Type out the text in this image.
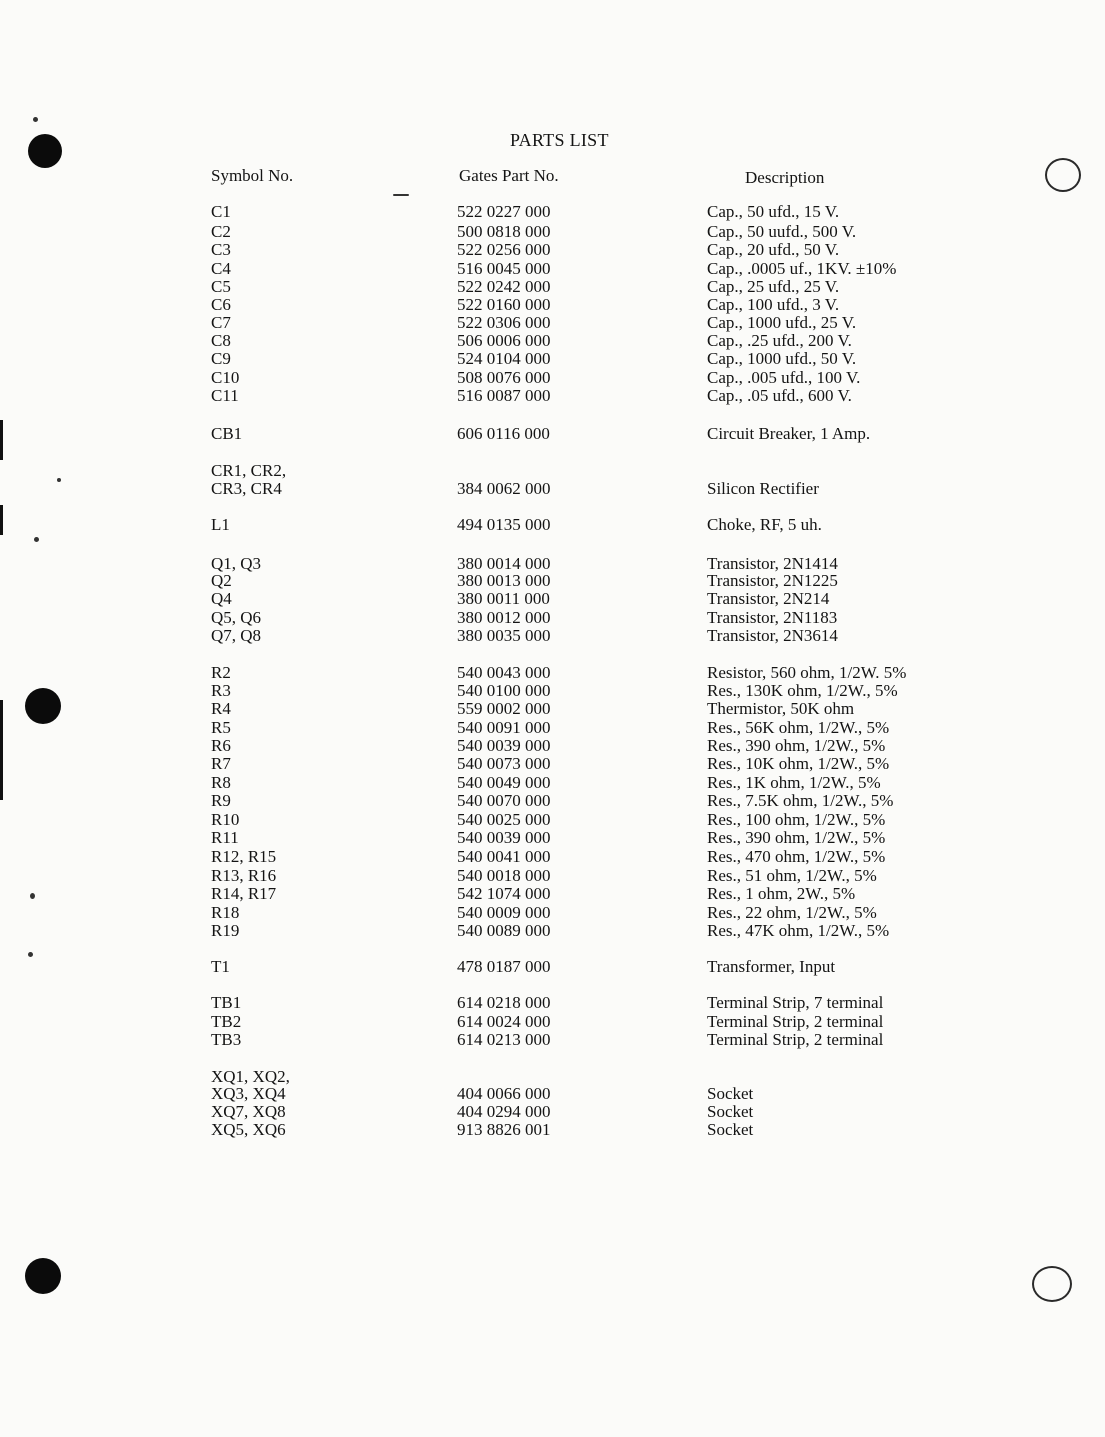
PARTS LIST
Symbol No.	Gates Part No.	Description
C1	522 0227 000	Cap., 50 ufd., 15 V.
C2	500 0818 000	Cap., 50 uufd., 500 V.
C3	522 0256 000	Cap., 20 ufd., 50 V.
C4	516 0045 000	Cap., .0005 uf., 1KV. ±10%
C5	522 0242 000	Cap., 25 ufd., 25 V.
C6	522 0160 000	Cap., 100 ufd., 3 V.
C7	522 0306 000	Cap., 1000 ufd., 25 V.
C8	506 0006 000	Cap., .25 ufd., 200 V.
C9	524 0104 000	Cap., 1000 ufd., 50 V.
C10	508 0076 000	Cap., .005 ufd., 100 V.
C11	516 0087 000	Cap., .05 ufd., 600 V.
CB1	606 0116 000	Circuit Breaker, 1 Amp.
CR1, CR2,
CR3, CR4	384 0062 000	Silicon Rectifier
L1	494 0135 000	Choke, RF, 5 uh.
Q1, Q3	380 0014 000	Transistor, 2N1414
Q2	380 0013 000	Transistor, 2N1225
Q4	380 0011 000	Transistor, 2N214
Q5, Q6	380 0012 000	Transistor, 2N1183
Q7, Q8	380 0035 000	Transistor, 2N3614
R2	540 0043 000	Resistor, 560 ohm, 1/2W. 5%
R3	540 0100 000	Res., 130K ohm, 1/2W., 5%
R4	559 0002 000	Thermistor, 50K ohm
R5	540 0091 000	Res., 56K ohm, 1/2W., 5%
R6	540 0039 000	Res., 390 ohm, 1/2W., 5%
R7	540 0073 000	Res., 10K ohm, 1/2W., 5%
R8	540 0049 000	Res., 1K ohm, 1/2W., 5%
R9	540 0070 000	Res., 7.5K ohm, 1/2W., 5%
R10	540 0025 000	Res., 100 ohm, 1/2W., 5%
R11	540 0039 000	Res., 390 ohm, 1/2W., 5%
R12, R15	540 0041 000	Res., 470 ohm, 1/2W., 5%
R13, R16	540 0018 000	Res., 51 ohm, 1/2W., 5%
R14, R17	542 1074 000	Res., 1 ohm, 2W., 5%
R18	540 0009 000	Res., 22 ohm, 1/2W., 5%
R19	540 0089 000	Res., 47K ohm, 1/2W., 5%
T1	478 0187 000	Transformer, Input
TB1	614 0218 000	Terminal Strip, 7 terminal
TB2	614 0024 000	Terminal Strip, 2 terminal
TB3	614 0213 000	Terminal Strip, 2 terminal
XQ1, XQ2,
XQ3, XQ4	404 0066 000	Socket
XQ7, XQ8	404 0294 000	Socket
XQ5, XQ6	913 8826 001	Socket
